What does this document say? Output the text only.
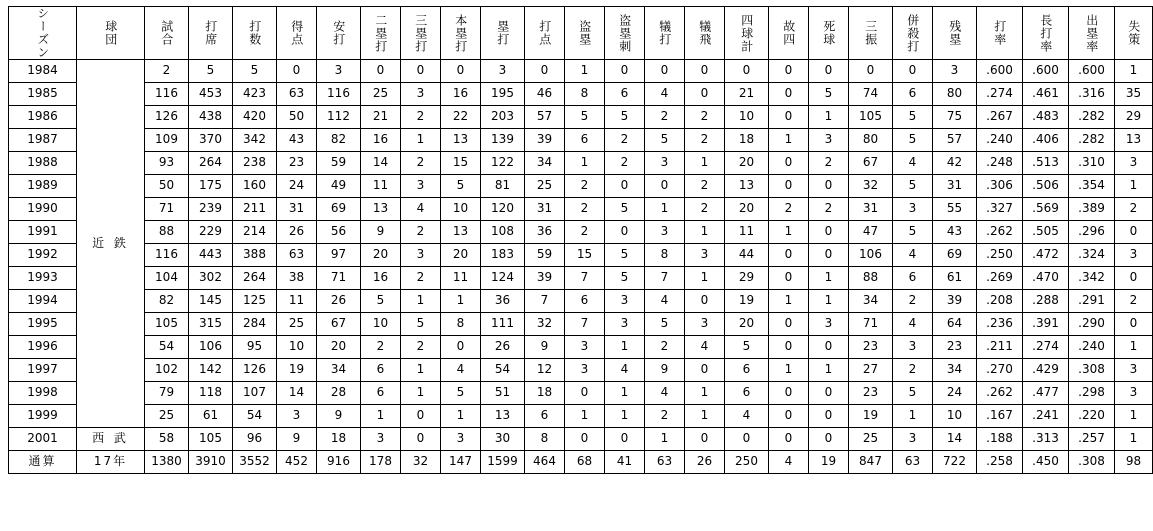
シーズン	球団	試合	打席	打数	得点	安打	二塁打	三塁打	本塁打	塁打	打点	盗塁	盗塁刺	犠打	犠飛	四球計	故四	死球	三振	併殺打	残塁	打率	長打率	出塁率	失策

1984	近 鉄	2	5	5	0	3	0	0	0	3	0	1	0	0	0	0	0	0	0	0	3	.600	.600	.600	1
1985		116	453	423	63	116	25	3	16	195	46	8	6	4	0	21	0	5	74	6	80	.274	.461	.316	35
1986		126	438	420	50	112	21	2	22	203	57	5	5	2	2	10	0	1	105	5	75	.267	.483	.282	29
1987		109	370	342	43	82	16	1	13	139	39	6	2	5	2	18	1	3	80	5	57	.240	.406	.282	13
1988		93	264	238	23	59	14	2	15	122	34	1	2	3	1	20	0	2	67	4	42	.248	.513	.310	3
1989		50	175	160	24	49	11	3	5	81	25	2	0	0	2	13	0	0	32	5	31	.306	.506	.354	1
1990		71	239	211	31	69	13	4	10	120	31	2	5	1	2	20	2	2	31	3	55	.327	.569	.389	2
1991		88	229	214	26	56	9	2	13	108	36	2	0	3	1	11	1	0	47	5	43	.262	.505	.296	0
1992		116	443	388	63	97	20	3	20	183	59	15	5	8	3	44	0	0	106	4	69	.250	.472	.324	3
1993		104	302	264	38	71	16	2	11	124	39	7	5	7	1	29	0	1	88	6	61	.269	.470	.342	0
1994		82	145	125	11	26	5	1	1	36	7	6	3	4	0	19	1	1	34	2	39	.208	.288	.291	2
1995		105	315	284	25	67	10	5	8	111	32	7	3	5	3	20	0	3	71	4	64	.236	.391	.290	0
1996		54	106	95	10	20	2	2	0	26	9	3	1	2	4	5	0	0	23	3	23	.211	.274	.240	1
1997		102	142	126	19	34	6	1	4	54	12	3	4	9	0	6	1	1	27	2	34	.270	.429	.308	3
1998		79	118	107	14	28	6	1	5	51	18	0	1	4	1	6	0	0	23	5	24	.262	.477	.298	3
1999		25	61	54	3	9	1	0	1	13	6	1	1	2	1	4	0	0	19	1	10	.167	.241	.220	1
2001	西 武	58	105	96	9	18	3	0	3	30	8	0	0	1	0	0	0	0	25	3	14	.188	.313	.257	1
通算	17年	1380	3910	3552	452	916	178	32	147	1599	464	68	41	63	26	250	4	19	847	63	722	.258	.450	.308	98
